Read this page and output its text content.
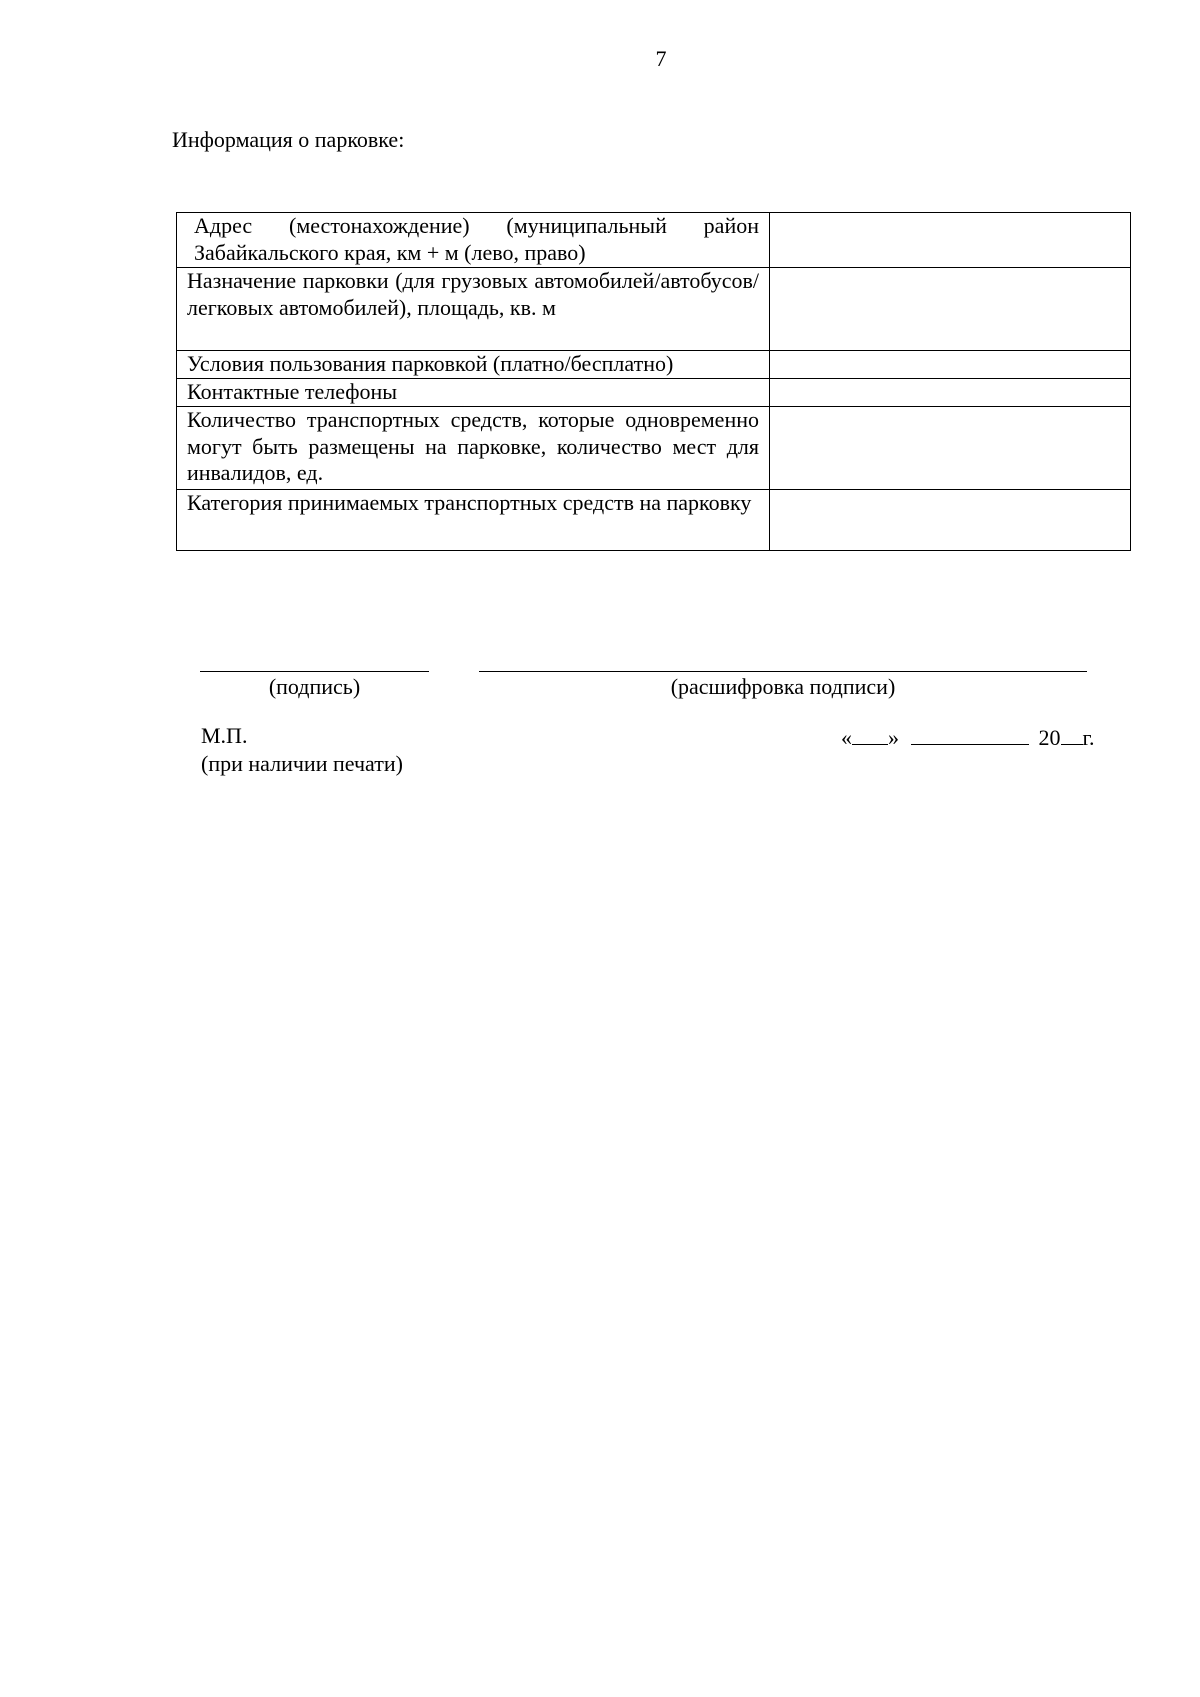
7
Информация о парковке:
Адрес (местонахождение) (муниципальный район Забайкальского края, км + м (лево, право)	
Назначение парковки (для грузовых автомобилей/автобусов/легковых автомобилей), площадь, кв. м	
Условия пользования парковкой (платно/бесплатно)	
Контактные телефоны	
Количество транспортных средств, которые одновременно могут быть размещены на парковке, количество мест для инвалидов, ед.	
Категория принимаемых транспортных средств на парковку	
(подпись)	(расшифровка подписи)
М.П.
(при наличии печати)
« »	20 г.
